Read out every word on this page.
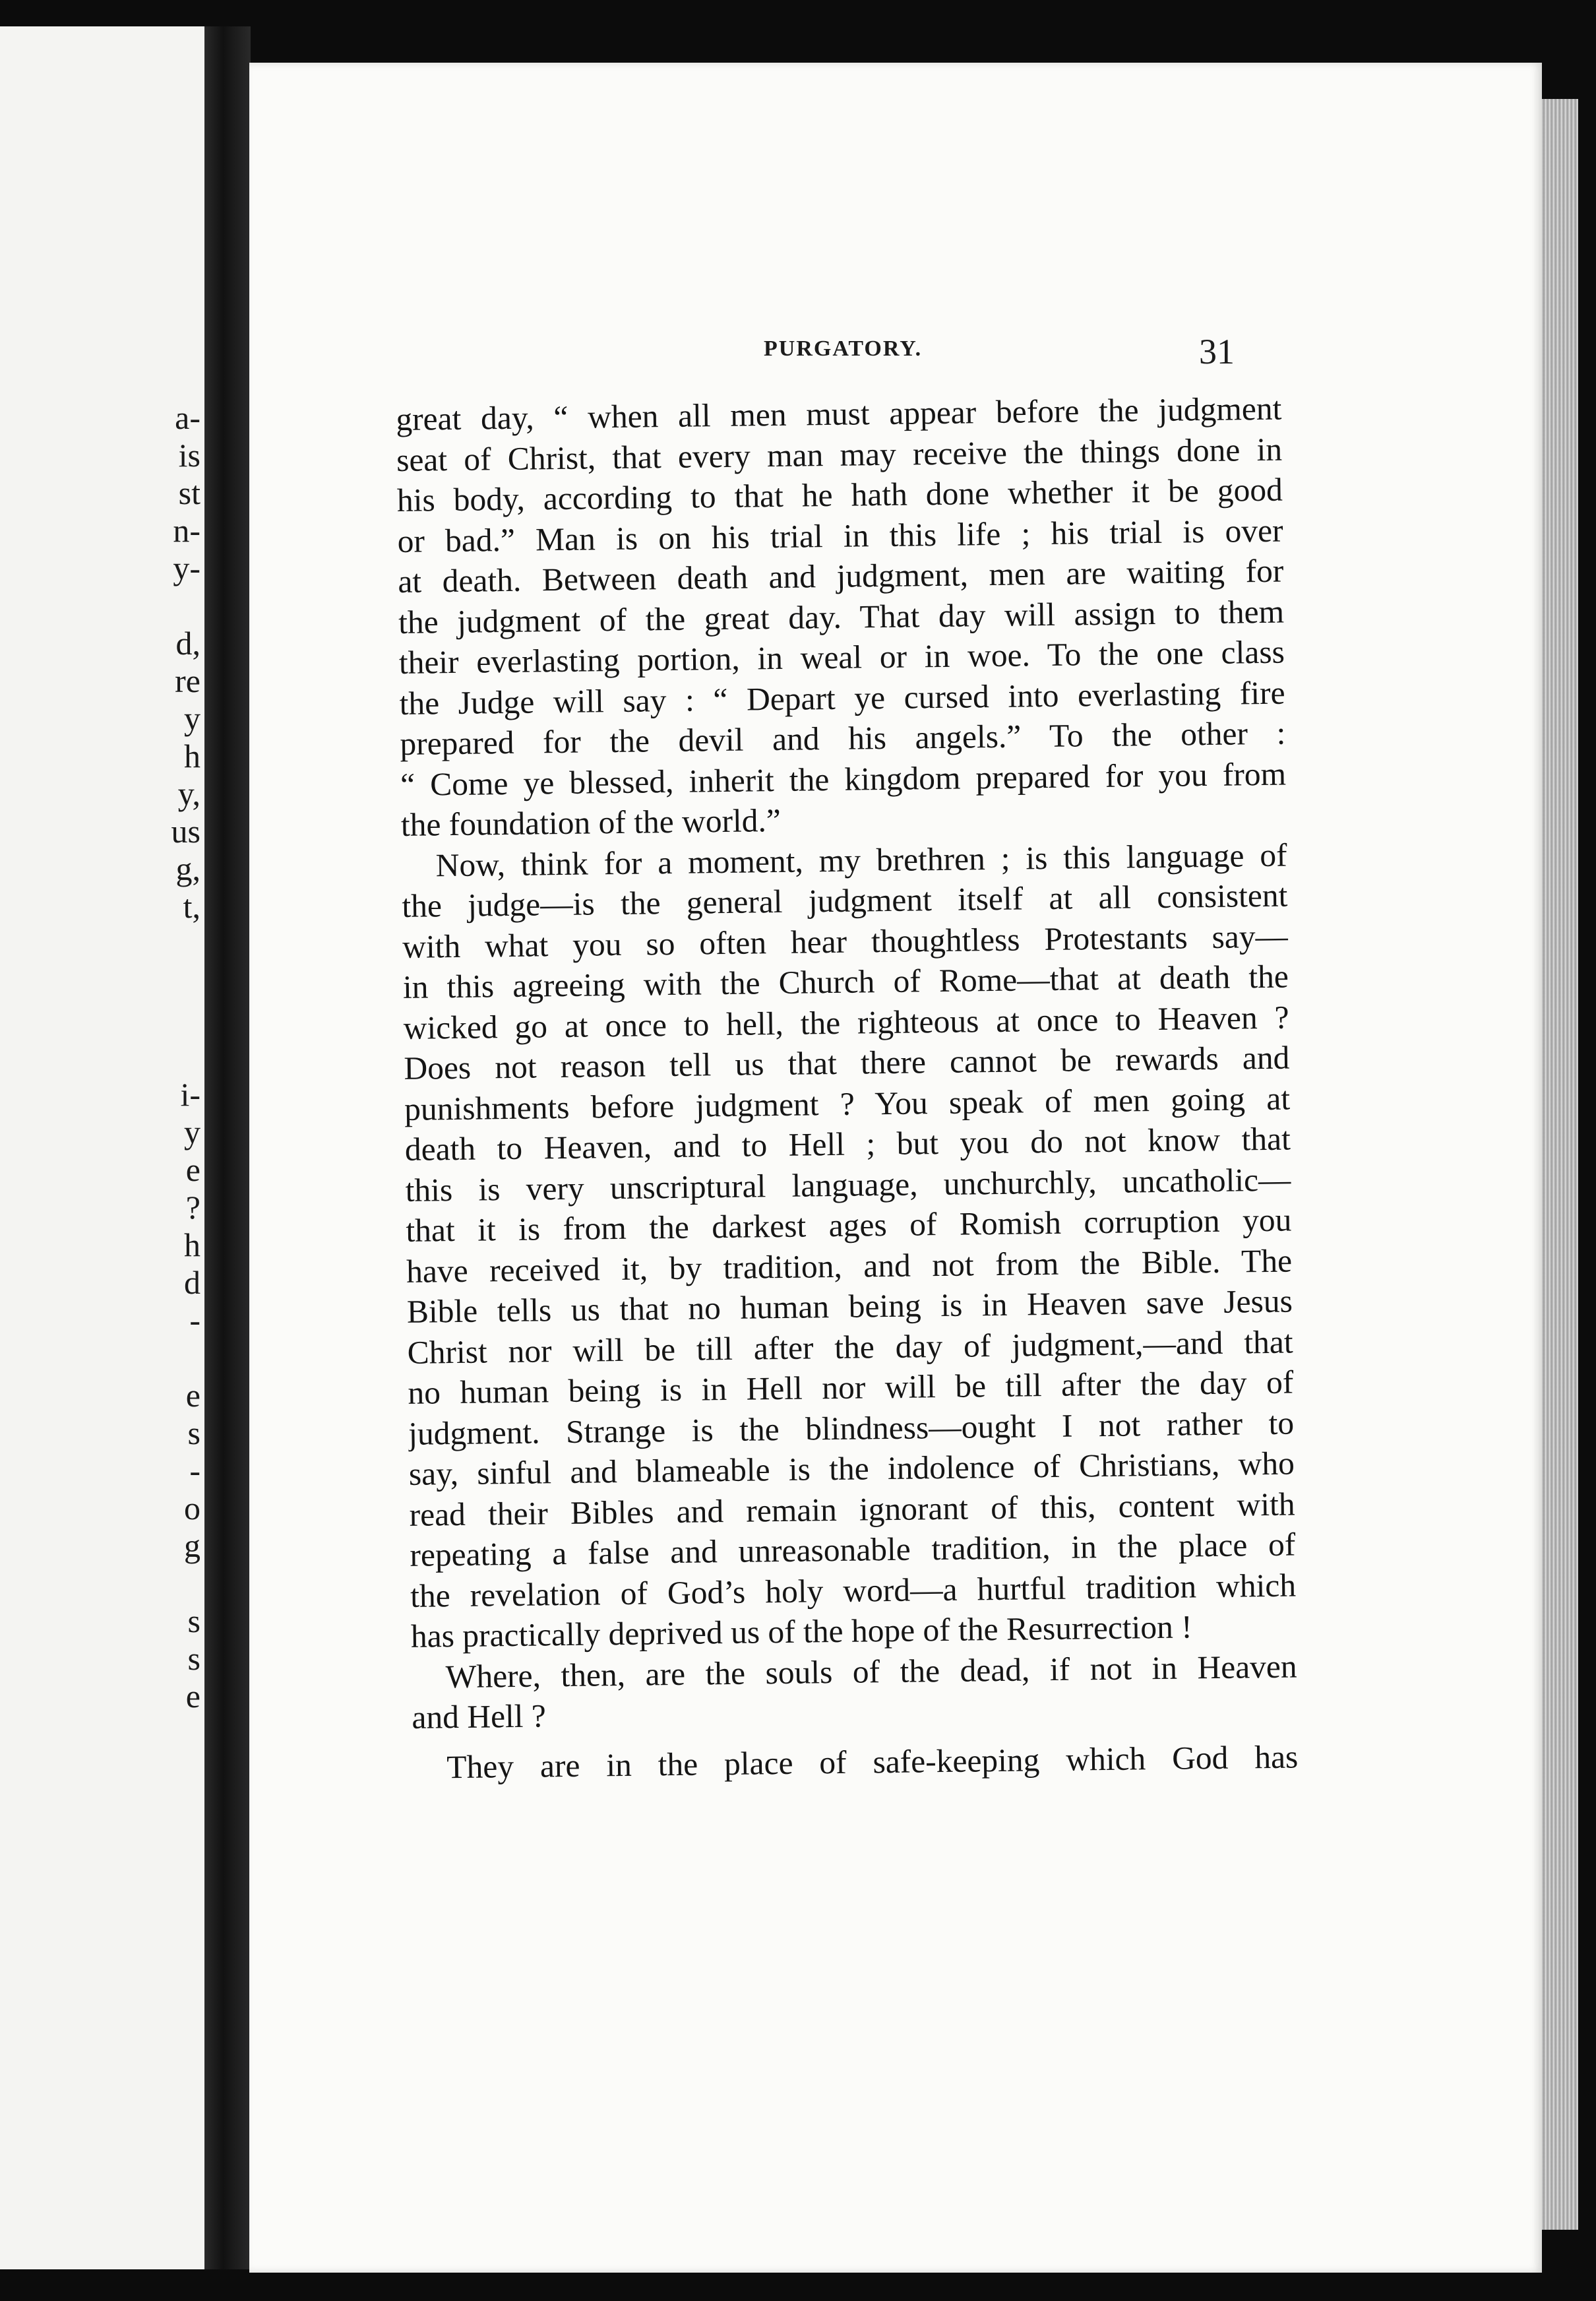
a-
is
st
n-
y-
d,
re
y
h
y,
us
g,
t,
i-
y
e
?
h
d
-
e
s
-
o
g
s
s
e
PURGATORY.	31
great day, “ when all men must appear before the judgment
seat of Christ, that every man may receive the things done in
his body, according to that he hath done whether it be good
or bad.” Man is on his trial in this life ; his trial is over
at death. Between death and judgment, men are waiting for
the judgment of the great day. That day will assign to them
their everlasting portion, in weal or in woe. To the one class
the Judge will say : “ Depart ye cursed into everlasting fire
prepared for the devil and his angels.” To the other :
“ Come ye blessed, inherit the kingdom prepared for you from
the foundation of the world.”
Now, think for a moment, my brethren ; is this language of
the judge—is the general judgment itself at all consistent
with what you so often hear thoughtless Protestants say—
in this agreeing with the Church of Rome—that at death the
wicked go at once to hell, the righteous at once to Heaven ?
Does not reason tell us that there cannot be rewards and
punishments before judgment ? You speak of men going at
death to Heaven, and to Hell ; but you do not know that
this is very unscriptural language, unchurchly, uncatholic—
that it is from the darkest ages of Romish corruption you
have received it, by tradition, and not from the Bible. The
Bible tells us that no human being is in Heaven save Jesus
Christ nor will be till after the day of judgment,—and that
no human being is in Hell nor will be till after the day of
judgment. Strange is the blindness—ought I not rather to
say, sinful and blameable is the indolence of Christians, who
read their Bibles and remain ignorant of this, content with
repeating a false and unreasonable tradition, in the place of
the revelation of God’s holy word—a hurtful tradition which
has practically deprived us of the hope of the Resurrection !
Where, then, are the souls of the dead, if not in Heaven
and Hell ?
They are in the place of safe-keeping which God has
